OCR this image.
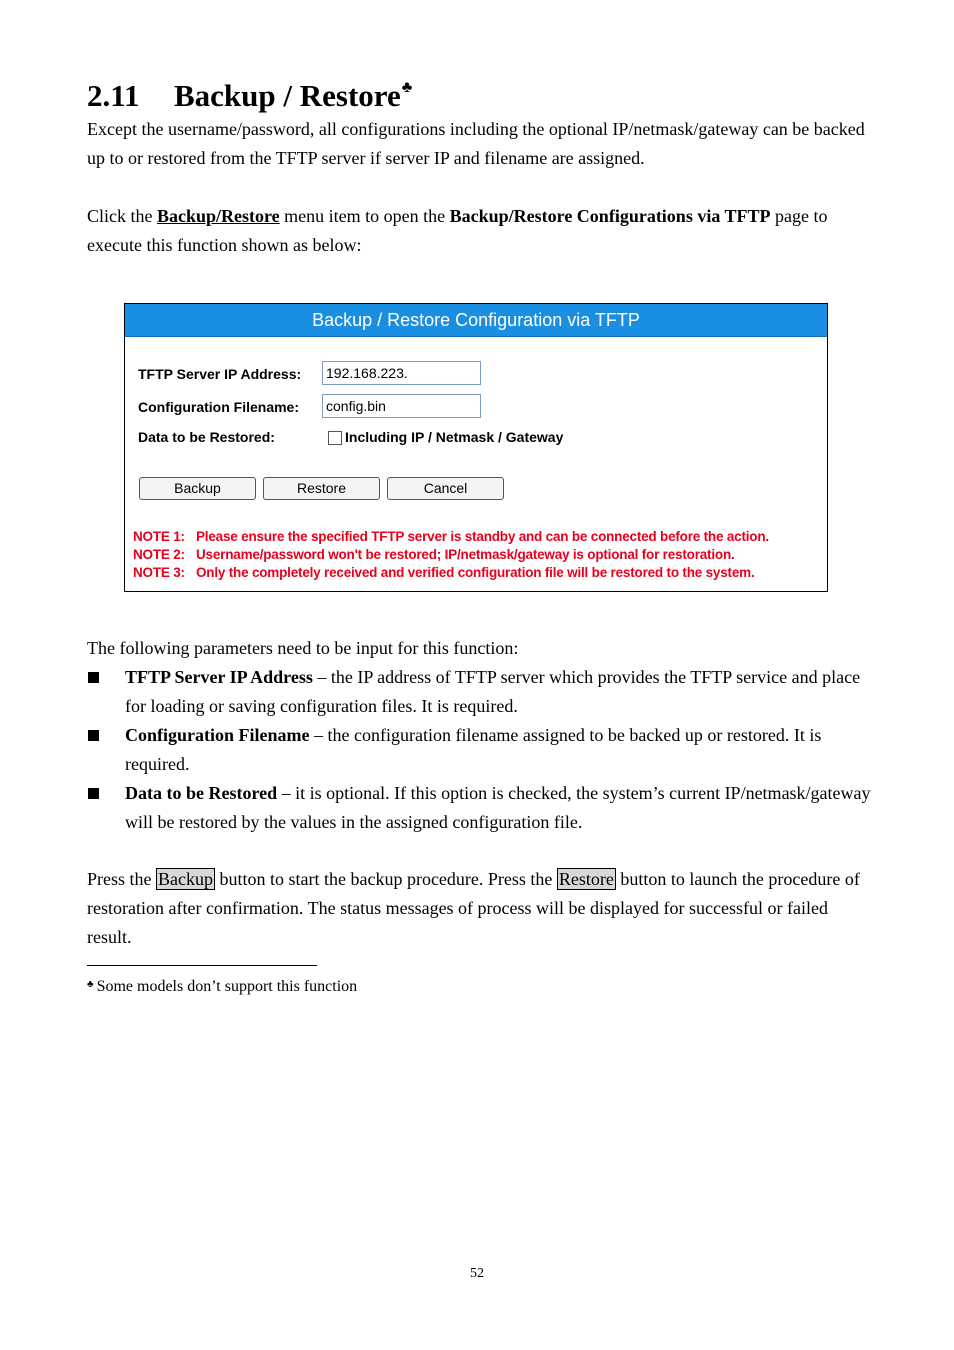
2.11 Backup / Restore♣

Except the username/password, all configurations including the optional IP/netmask/gateway can be backed up to or restored from the TFTP server if server IP and filename are assigned.

Click the Backup/Restore menu item to open the Backup/Restore Configurations via TFTP page to execute this function shown as below:

Backup / Restore Configuration via TFTP
TFTP Server IP Address: 192.168.223.
Configuration Filename: config.bin
Data to be Restored:	Including IP / Netmask / Gateway
Backup	Restore	Cancel
NOTE 1: Please ensure the specified TFTP server is standby and can be connected before the action.
NOTE 2: Username/password won't be restored; IP/netmask/gateway is optional for restoration.
NOTE 3: Only the completely received and verified configuration file will be restored to the system.

The following parameters need to be input for this function:

TFTP Server IP Address – the IP address of TFTP server which provides the TFTP service and place for loading or saving configuration files. It is required.
Configuration Filename – the configuration filename assigned to be backed up or restored. It is required.
Data to be Restored – it is optional. If this option is checked, the system’s current IP/netmask/gateway will be restored by the values in the assigned configuration file.

Press the Backup button to start the backup procedure. Press the Restore button to launch the procedure of restoration after confirmation. The status messages of process will be displayed for successful or failed result.

♣ Some models don’t support this function
52
